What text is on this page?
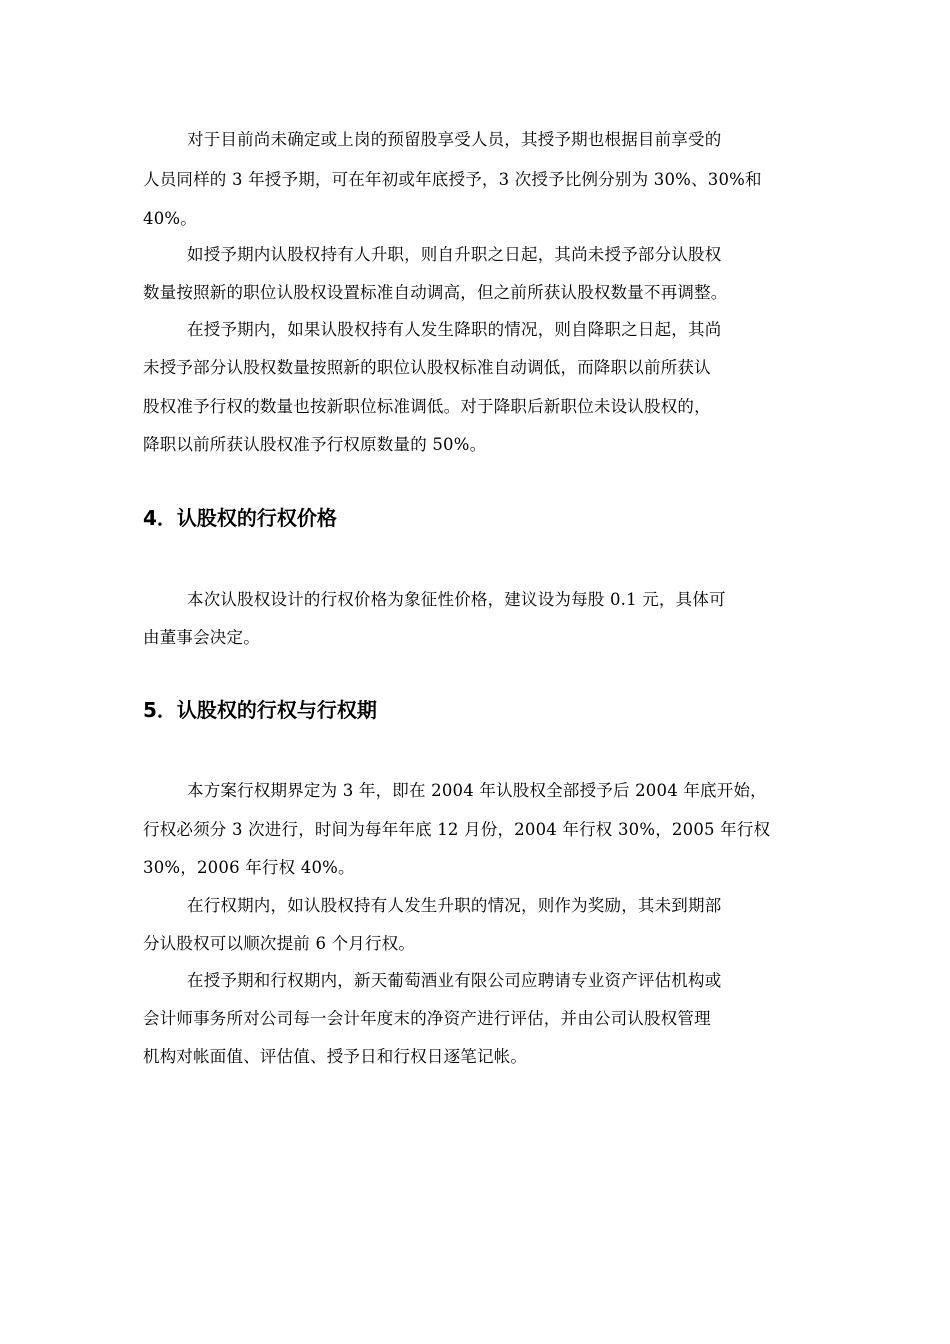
对于目前尚未确定或上岗的预留股享受人员，其授予期也根据目前享受的
人员同样的 3 年授予期，可在年初或年底授予，3 次授予比例分别为 30%、30%和
40%。
如授予期内认股权持有人升职，则自升职之日起，其尚未授予部分认股权
数量按照新的职位认股权设置标准自动调高，但之前所获认股权数量不再调整。
在授予期内，如果认股权持有人发生降职的情况，则自降职之日起，其尚
未授予部分认股权数量按照新的职位认股权标准自动调低，而降职以前所获认
股权准予行权的数量也按新职位标准调低。对于降职后新职位未设认股权的，
降职以前所获认股权准予行权原数量的 50%。
4．认股权的行权价格
本次认股权设计的行权价格为象征性价格，建议设为每股 0.1 元，具体可
由董事会决定。
5．认股权的行权与行权期
本方案行权期界定为 3 年，即在 2004 年认股权全部授予后 2004 年底开始，
行权必须分 3 次进行，时间为每年年底 12 月份，2004 年行权 30%，2005 年行权
30%，2006 年行权 40%。
在行权期内，如认股权持有人发生升职的情况，则作为奖励，其未到期部
分认股权可以顺次提前 6 个月行权。
在授予期和行权期内，新天葡萄酒业有限公司应聘请专业资产评估机构或
会计师事务所对公司每一会计年度末的净资产进行评估，并由公司认股权管理
机构对帐面值、评估值、授予日和行权日逐笔记帐。
